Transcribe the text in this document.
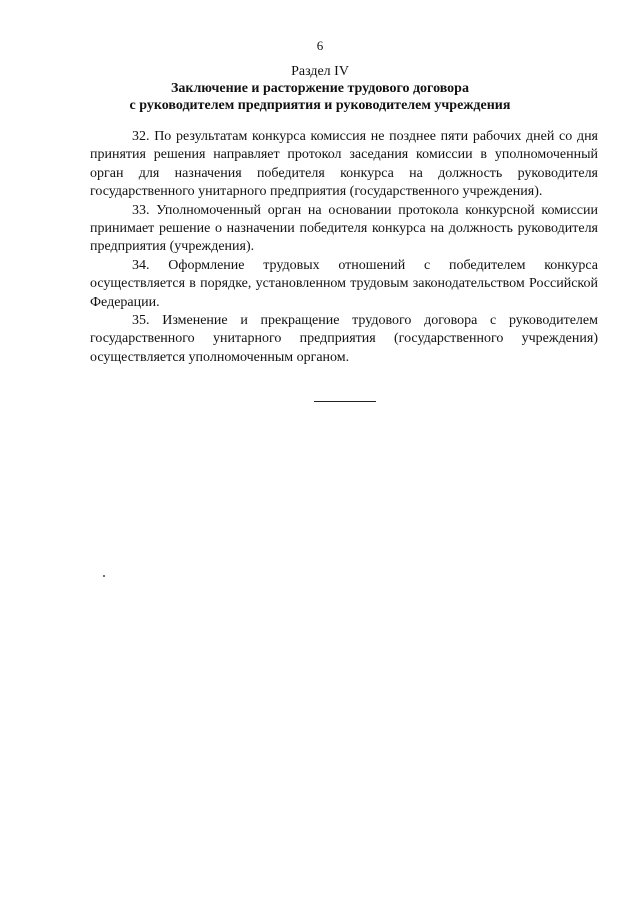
6
Раздел IV
Заключение и расторжение трудового договора
с руководителем предприятия и руководителем учреждения

32. По результатам конкурса комиссия не позднее пяти рабочих дней со дня принятия решения направляет протокол заседания комиссии в уполномоченный орган для назначения победителя конкурса на должность руководителя государственного унитарного предприятия (государственного учреждения).

33. Уполномоченный орган на основании протокола конкурсной комиссии принимает решение о назначении победителя конкурса на должность руководителя предприятия (учреждения).

34. Оформление трудовых отношений с победителем конкурса осуществляется в порядке, установленном трудовым законодательством Российской Федерации.

35. Изменение и прекращение трудового договора с руководителем государственного унитарного предприятия (государственного учреждения) осуществляется уполномоченным органом.
